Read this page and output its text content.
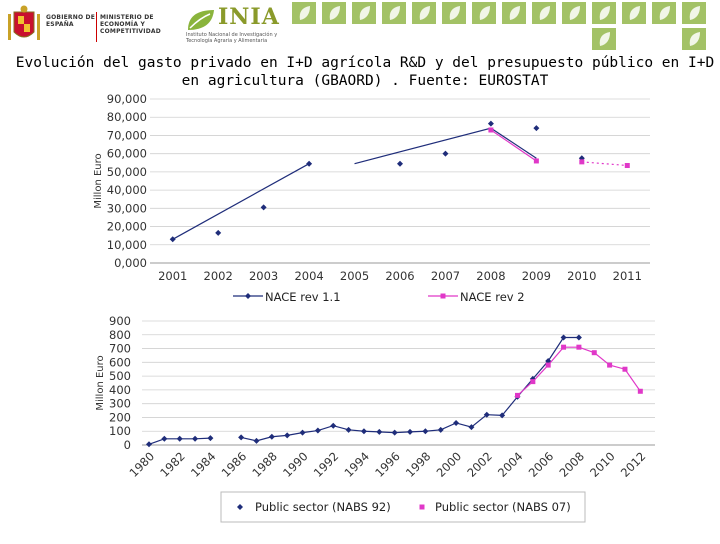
GOBIERNO DE ESPAÑA
MINISTERIO DE ECONOMÍA Y COMPETITIVIDAD
INIA
Instituto Nacional de Investigación y Tecnología Agraria y Alimentaria
Evolución del gasto privado en I+D agrícola R&D y del presupuesto público en I+D en agricultura (GBAORD) . Fuente: EUROSTAT
0,000
10,000
20,000
30,000
40,000
50,000
60,000
70,000
80,000
90,000
2001 2002 2003 2004 2005 2006 2007 2008 2009 2010 2011
Millon Euro
NACE rev 1.1	NACE rev 2
0
100
200
300
400
500
600
700
800
900
1980 1982 1984 1986 1988 1990 1992 1994 1996 1998 2000 2002 2004 2006 2008 2010 2012
Millon Euro
Public sector (NABS 92)	Public sector (NABS 07)
